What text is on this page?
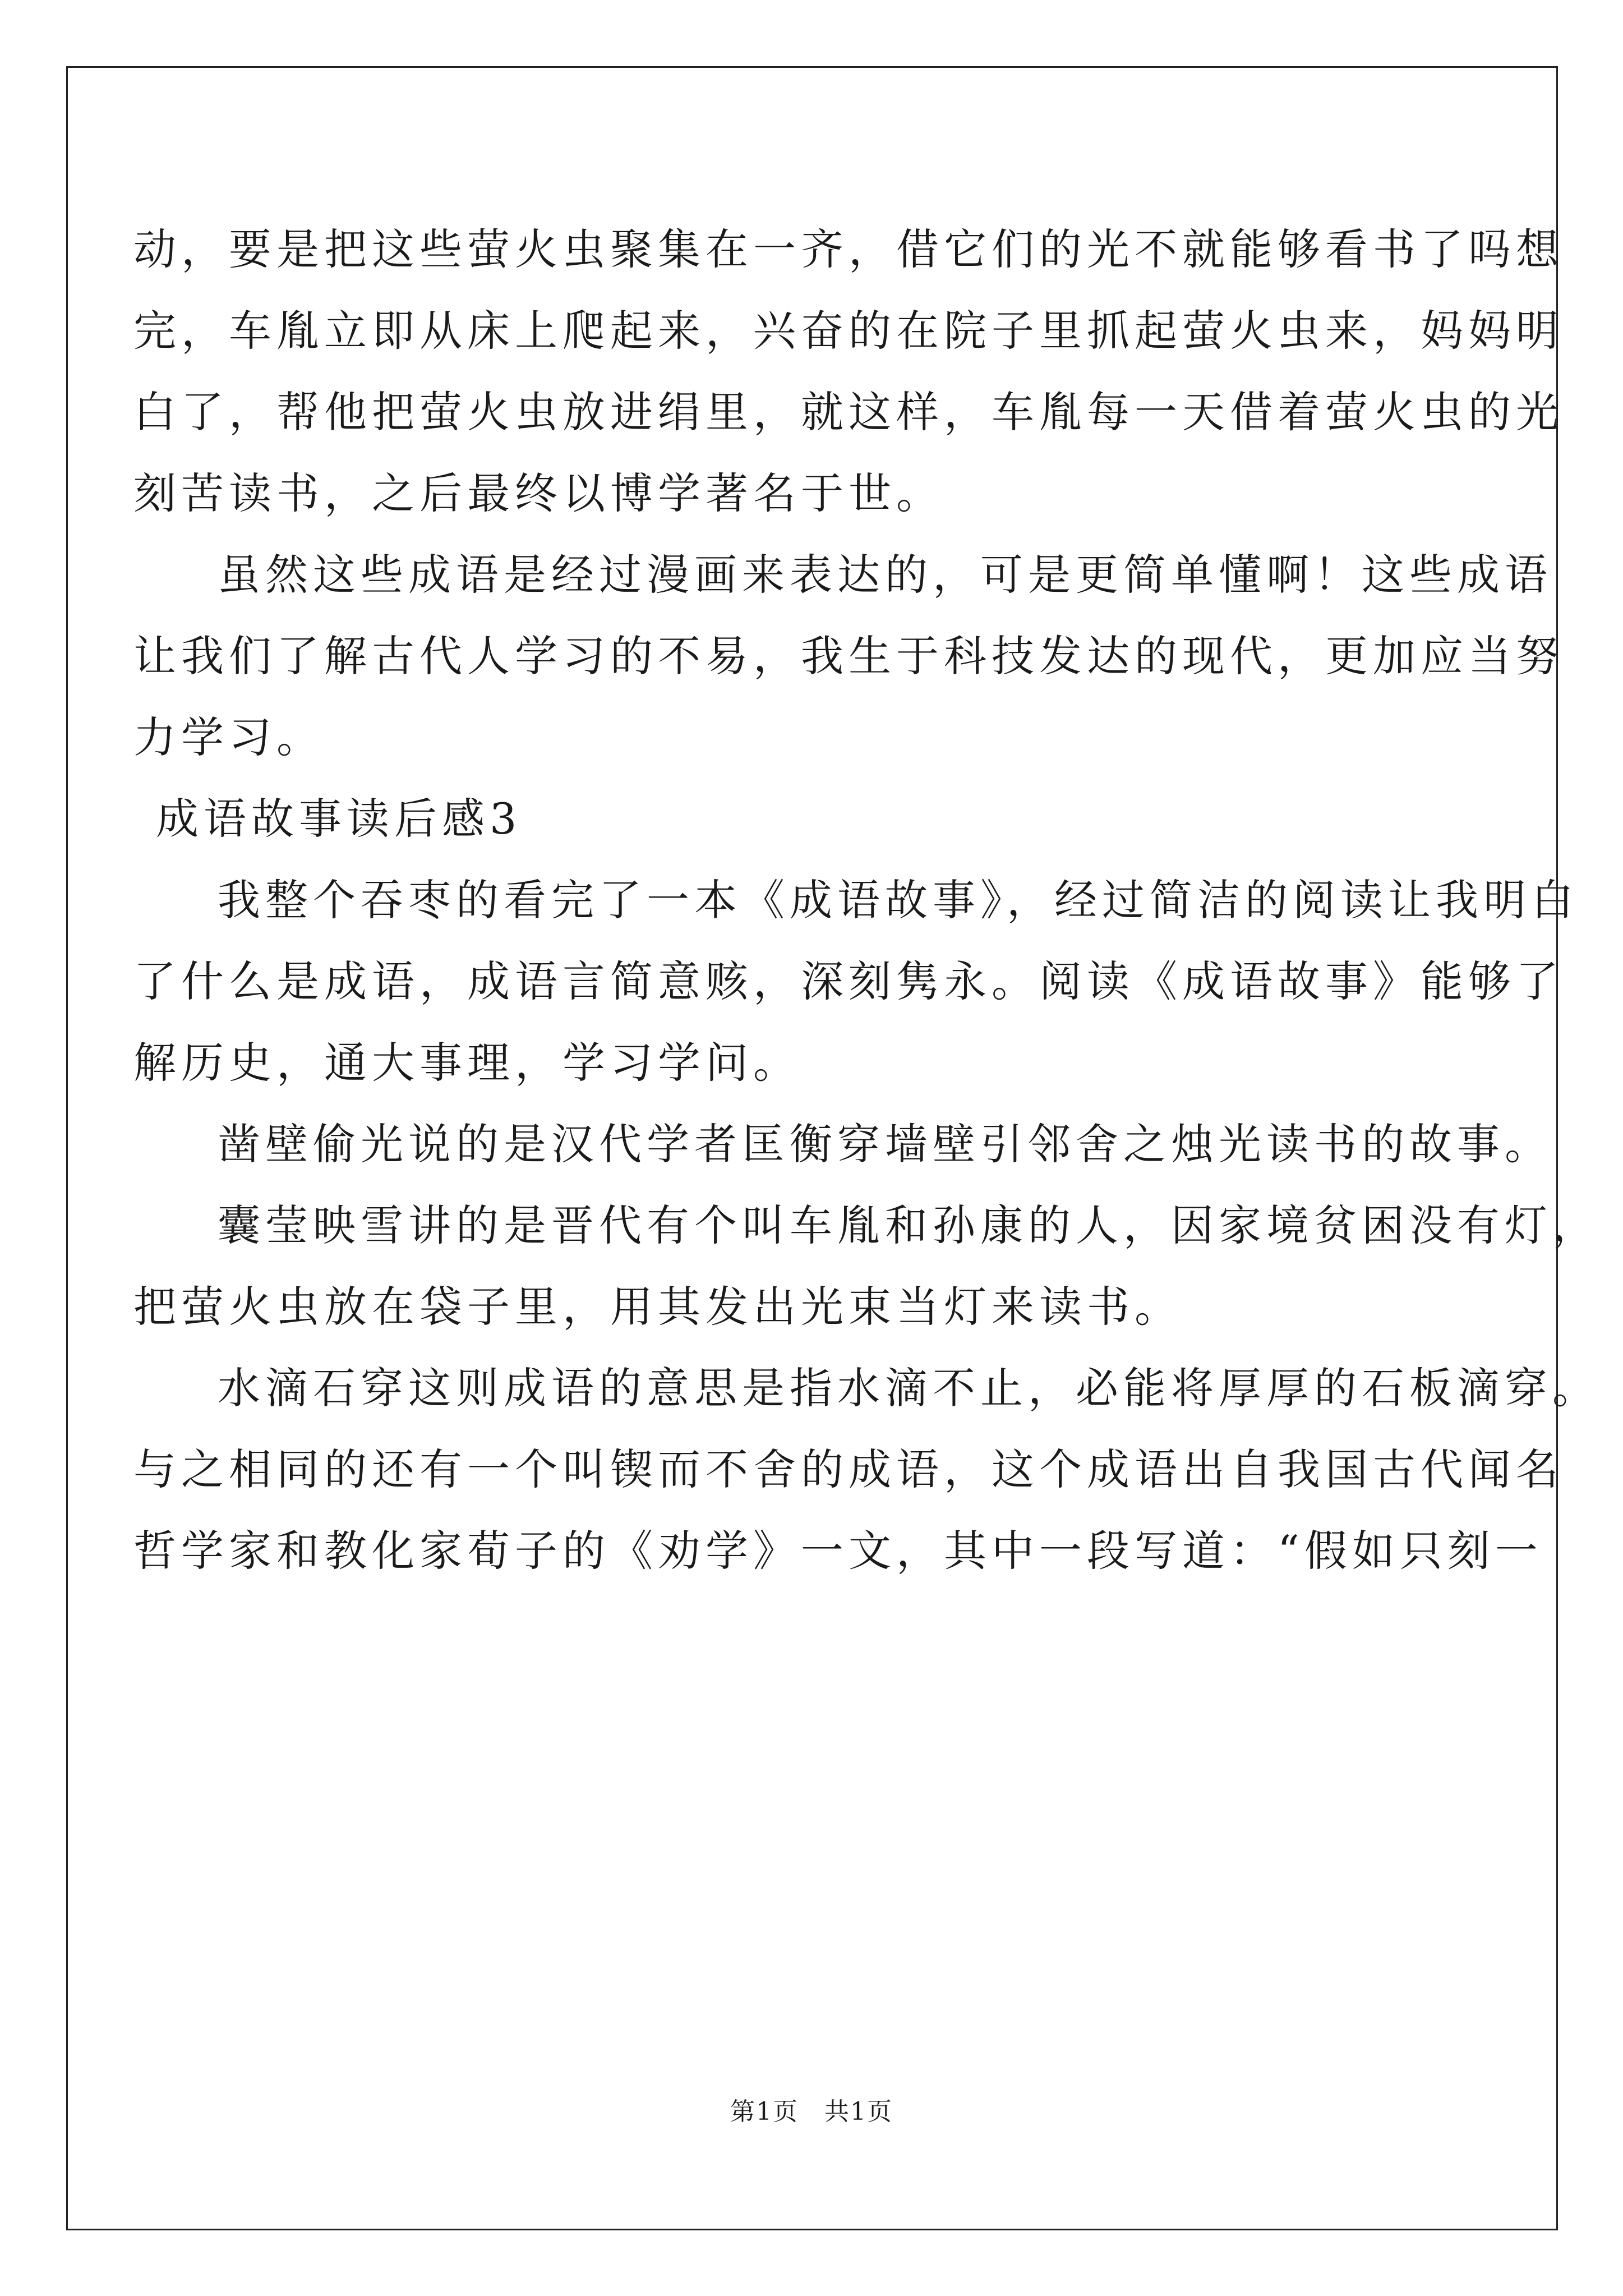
动，要是把这些萤火虫聚集在一齐，借它们的光不就能够看书了吗想
完，车胤立即从床上爬起来，兴奋的在院子里抓起萤火虫来，妈妈明
白了，帮他把萤火虫放进绢里，就这样，车胤每一天借着萤火虫的光
刻苦读书，之后最终以博学著名于世。
虽然这些成语是经过漫画来表达的，可是更简单懂啊！这些成语
让我们了解古代人学习的不易，我生于科技发达的现代，更加应当努
力学习。
成语故事读后感3
我整个吞枣的看完了一本《成语故事》，经过简洁的阅读让我明白
了什么是成语，成语言简意赅，深刻隽永。阅读《成语故事》能够了
解历史，通大事理，学习学问。
凿壁偷光说的是汉代学者匡衡穿墙壁引邻舍之烛光读书的故事。
囊莹映雪讲的是晋代有个叫车胤和孙康的人，因家境贫困没有灯，
把萤火虫放在袋子里，用其发出光束当灯来读书。
水滴石穿这则成语的意思是指水滴不止，必能将厚厚的石板滴穿。
与之相同的还有一个叫锲而不舍的成语，这个成语出自我国古代闻名
哲学家和教化家荀子的《劝学》一文，其中一段写道：“假如只刻一
第1页　共1页
